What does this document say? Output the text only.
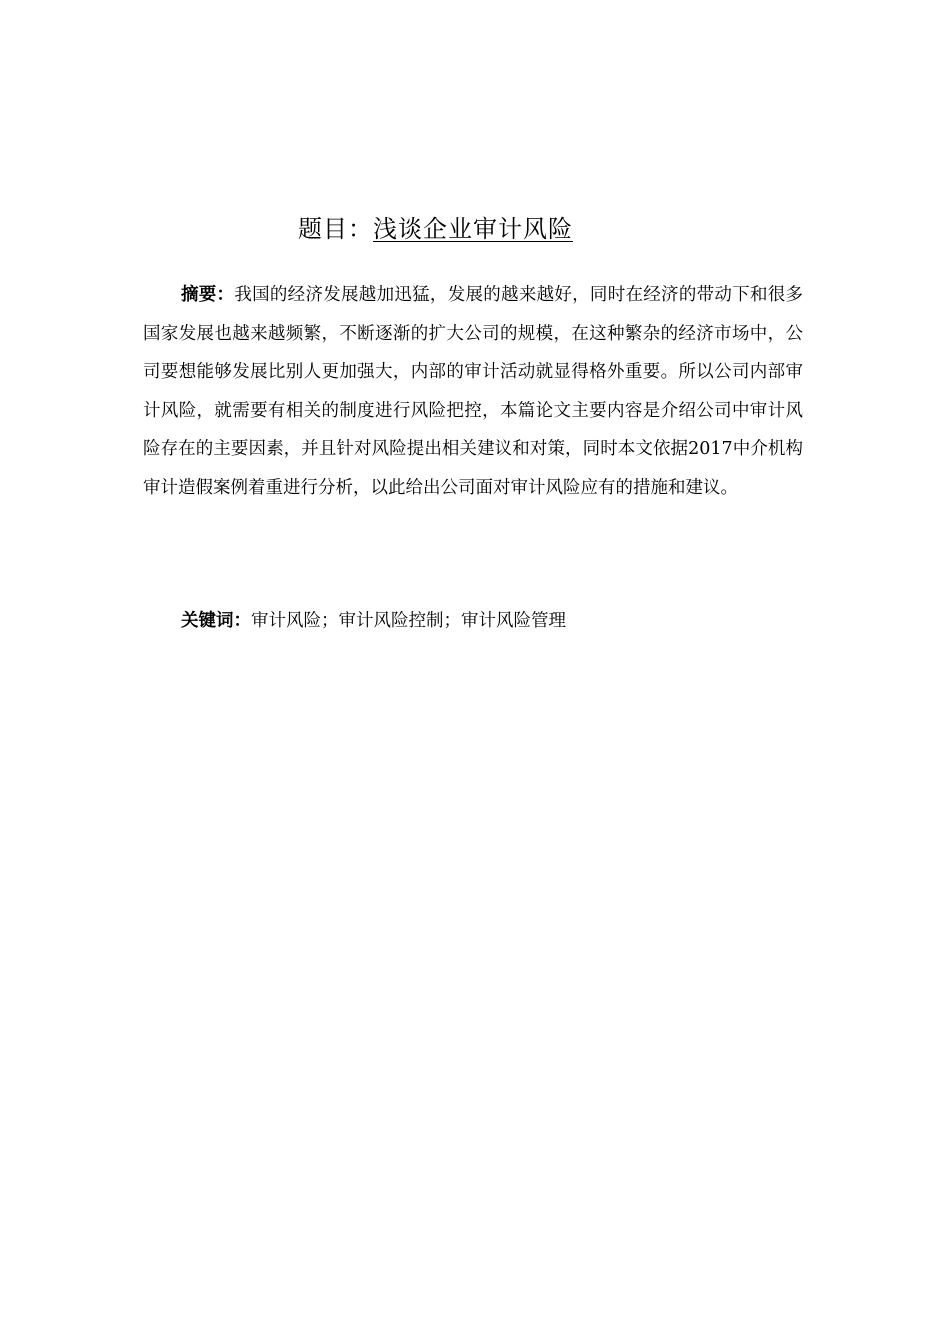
题目：浅谈企业审计风险

摘要：我国的经济发展越加迅猛，发展的越来越好，同时在经济的带动下和很多国家发展也越来越频繁，不断逐渐的扩大公司的规模，在这种繁杂的经济市场中，公司要想能够发展比别人更加强大，内部的审计活动就显得格外重要。所以公司内部审计风险，就需要有相关的制度进行风险把控，本篇论文主要内容是介绍公司中审计风险存在的主要因素，并且针对风险提出相关建议和对策，同时本文依据2017中介机构审计造假案例着重进行分析，以此给出公司面对审计风险应有的措施和建议。

关键词：审计风险；审计风险控制；审计风险管理
